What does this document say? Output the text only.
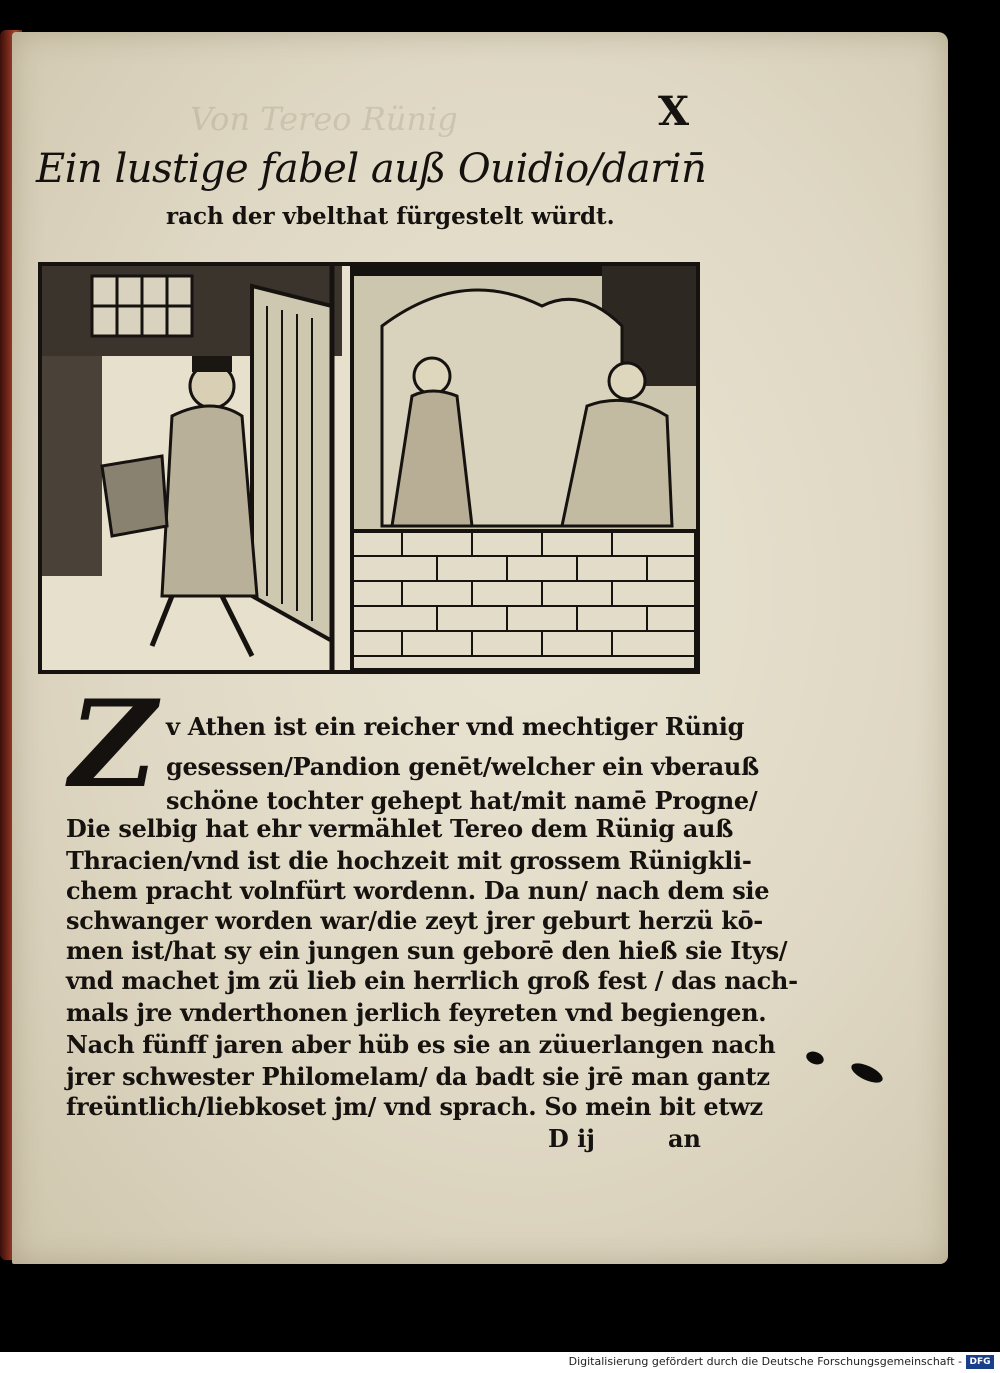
Von Tereo Rünig	X
Ein lustige fabel auß Ouidio/darin̄
rach der vbelthat fürgestelt würdt.
Z v Athen ist ein reicher vnd mechtiger Rünig
gesessen/Pandion genēt/welcher ein vberauß
schöne tochter gehept hat/mit namē Progne/
Die selbig hat ehr vermählet Tereo dem Rünig auß
Thracien/vnd ist die hochzeit mit grossem Rünigkli-
chem pracht volnfürt wordenn. Da nun/ nach dem sie
schwanger worden war/die zeyt jrer geburt herzü kō-
men ist/hat sy ein jungen sun geborē den hieß sie Itys/
vnd machet jm zü lieb ein herrlich groß fest / das nach-
mals jre vnderthonen jerlich feyreten vnd begiengen.
Nach fünff jaren aber hüb es sie an züuerlangen nach
jrer schwester Philomelam/ da badt sie jrē man gantz
freüntlich/liebkoset jm/ vnd sprach. So mein bit etwz
D ij	an
Digitalisierung gefördert durch die Deutsche Forschungsgemeinschaft - DFG
